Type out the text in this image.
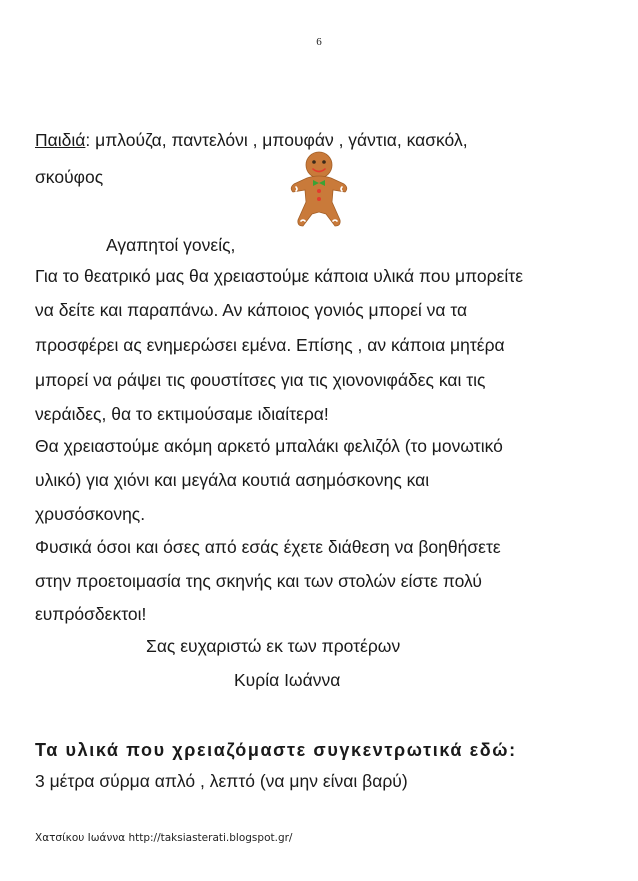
6
Παιδιά: μπλούζα, παντελόνι , μπουφάν , γάντια, κασκόλ,
σκούφος
Αγαπητοί γονείς,
Για το θεατρικό μας θα χρειαστούμε κάποια υλικά που μπορείτε
να δείτε και παραπάνω. Αν κάποιος γονιός μπορεί να τα
προσφέρει ας ενημερώσει εμένα. Επίσης , αν κάποια μητέρα
μπορεί να ράψει τις φουστίτσες για τις χιονονιφάδες και τις
νεράιδες, θα το εκτιμούσαμε ιδιαίτερα!
Θα χρειαστούμε ακόμη αρκετό μπαλάκι φελιζόλ (το μονωτικό
υλικό) για χιόνι και μεγάλα κουτιά ασημόσκονης και
χρυσόσκονης.
Φυσικά όσοι και όσες από εσάς έχετε διάθεση να βοηθήσετε
στην προετοιμασία της σκηνής και των στολών είστε πολύ
ευπρόσδεκτοι!
Σας ευχαριστώ εκ των προτέρων
Κυρία Ιωάννα
Τα υλικά που χρειαζόμαστε συγκεντρωτικά εδώ:
3 μέτρα σύρμα απλό , λεπτό (να μην είναι βαρύ)
Χατσίκου Ιωάννα http://taksiasterati.blogspot.gr/
